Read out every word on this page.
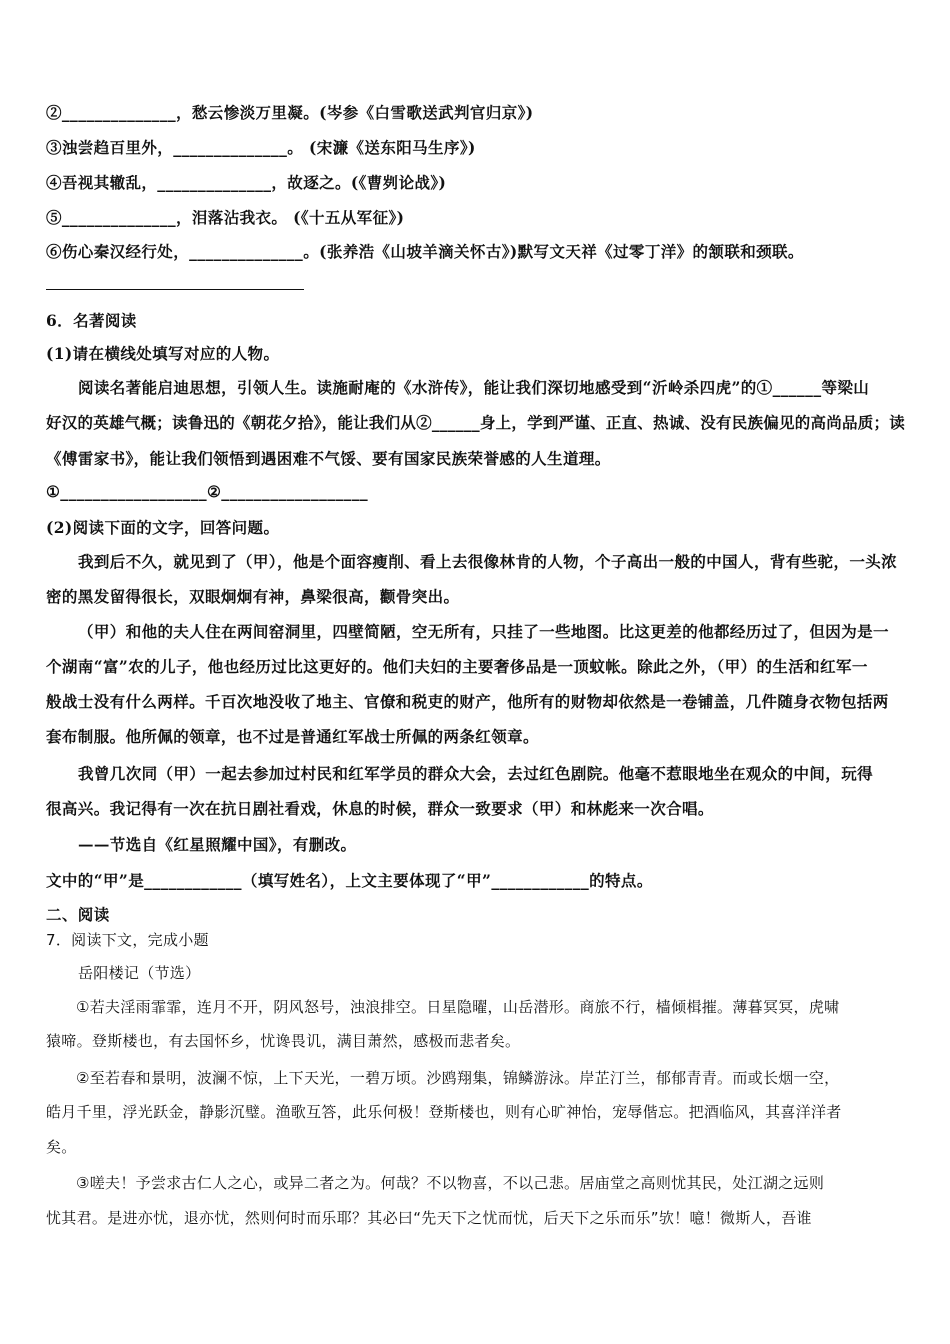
②______________，愁云惨淡万里凝。(岑参《白雪歌送武判官归京》)
③浊尝趋百里外，______________。 (宋濂《送东阳马生序》)
④吾视其辙乱，______________，故逐之。(《曹刿论战》)
⑤______________，泪落沾我衣。 (《十五从军征》)
⑥伤心秦汉经行处，______________。(张养浩《山坡羊滴关怀古》)默写文天祥《过零丁洋》的颔联和颈联。
6．名著阅读
(1)请在横线处填写对应的人物。
阅读名著能启迪思想，引领人生。读施耐庵的《水浒传》，能让我们深切地感受到“沂岭杀四虎”的①______等梁山
好汉的英雄气概；读鲁迅的《朝花夕拾》，能让我们从②______身上，学到严谨、正直、热诚、没有民族偏见的高尚品质；读
《傅雷家书》，能让我们领悟到遇困难不气馁、要有国家民族荣誉感的人生道理。
①__________________②__________________
(2)阅读下面的文字，回答问题。
我到后不久，就见到了（甲），他是个面容瘦削、看上去很像林肯的人物，个子高出一般的中国人，背有些驼，一头浓
密的黑发留得很长，双眼炯炯有神，鼻梁很高，颧骨突出。
（甲）和他的夫人住在两间窑洞里，四壁简陋，空无所有，只挂了一些地图。比这更差的他都经历过了，但因为是一
个湖南“富”农的儿子，他也经历过比这更好的。他们夫妇的主要奢侈品是一顶蚊帐。除此之外，（甲）的生活和红军一
般战士没有什么两样。千百次地没收了地主、官僚和税吏的财产，他所有的财物却依然是一卷铺盖，几件随身衣物包括两
套布制服。他所佩的领章，也不过是普通红军战士所佩的两条红领章。
我曾几次同（甲）一起去参加过村民和红军学员的群众大会，去过红色剧院。他毫不惹眼地坐在观众的中间，玩得
很高兴。我记得有一次在抗日剧社看戏，休息的时候，群众一致要求（甲）和林彪来一次合唱。
——节选自《红星照耀中国》，有删改。
文中的“甲”是____________（填写姓名），上文主要体现了“甲”____________的特点。
二、阅读
7．阅读下文，完成小题
岳阳楼记（节选）
①若夫淫雨霏霏，连月不开，阴风怒号，浊浪排空。日星隐曜，山岳潜形。商旅不行，樯倾楫摧。薄暮冥冥，虎啸
猿啼。登斯楼也，有去国怀乡，忧谗畏讥，满目萧然，感极而悲者矣。
②至若春和景明，波澜不惊，上下天光，一碧万顷。沙鸥翔集，锦鳞游泳。岸芷汀兰，郁郁青青。而或长烟一空，
皓月千里，浮光跃金，静影沉璧。渔歌互答，此乐何极！登斯楼也，则有心旷神怡，宠辱偕忘。把酒临风，其喜洋洋者
矣。
③嗟夫！予尝求古仁人之心，或异二者之为。何哉？不以物喜，不以己悲。居庙堂之高则忧其民，处江湖之远则
忧其君。是进亦忧，退亦忧，然则何时而乐耶？其必曰“先天下之忧而忧，后天下之乐而乐”欤！噫！微斯人，吾谁
